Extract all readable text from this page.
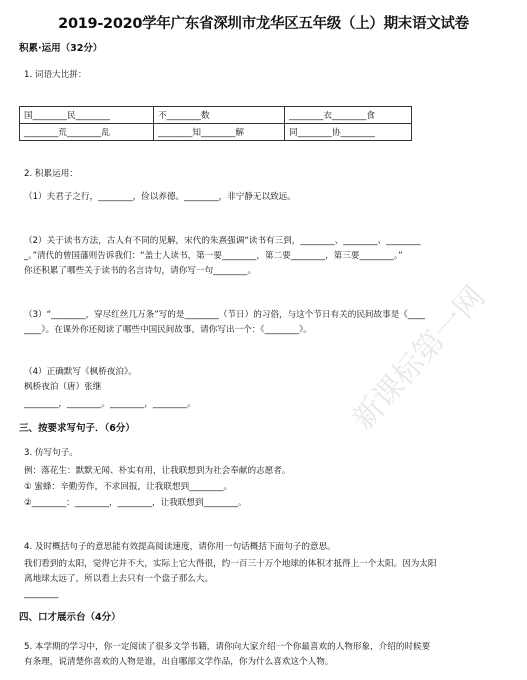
2019-2020学年广东省深圳市龙华区五年级（上）期末语文试卷
积累·运用（32分）
1. 词语大比拼：
国________民________	不________数	________衣________食
________荒________乱	________知________解	同________协________
2. 积累运用：
（1）夫君子之行，________，俭以养德。________，非宁静无以致远。
（2）关于读书方法，古人有不同的见解，宋代的朱熹强调“读书有三到，________、________、________
_。”清代的曾国藩则告诉我们：“盖士人读书，第一要________，第二要________，第三要________。”
你还积累了哪些关于读书的名言诗句，请你写一句________。
（3）“________，穿尽红丝几万条”写的是________（节日）的习俗，与这个节日有关的民间故事是《____
____》。在课外你还阅读了哪些中国民间故事，请你写出一个：《________》。
（4）正确默写《枫桥夜泊》。
枫桥夜泊（唐）张继
________，________。________，________。
三、按要求写句子．（6分）
3. 仿写句子。
例：落花生：默默无闻、朴实有用，让我联想到为社会奉献的志愿者。
① 蜜蜂：辛勤劳作，不求回报，让我联想到________。
②________：________，________，让我联想到________。
4. 及时概括句子的意思能有效提高阅读速度，请你用一句话概括下面句子的意思。
我们看到的太阳，觉得它并不大，实际上它大得很，约一百三十万个地球的体积才抵得上一个太阳。因为太阳
离地球太远了，所以看上去只有一个盘子那么大。
________
四、口才展示台（4分）
5. 本学期的学习中，你一定阅读了很多文学书籍，请你向大家介绍一个你最喜欢的人物形象，介绍的时候要
有条理，说清楚你喜欢的人物是谁，出自哪部文学作品，你为什么喜欢这个人物。
新课标第一网
